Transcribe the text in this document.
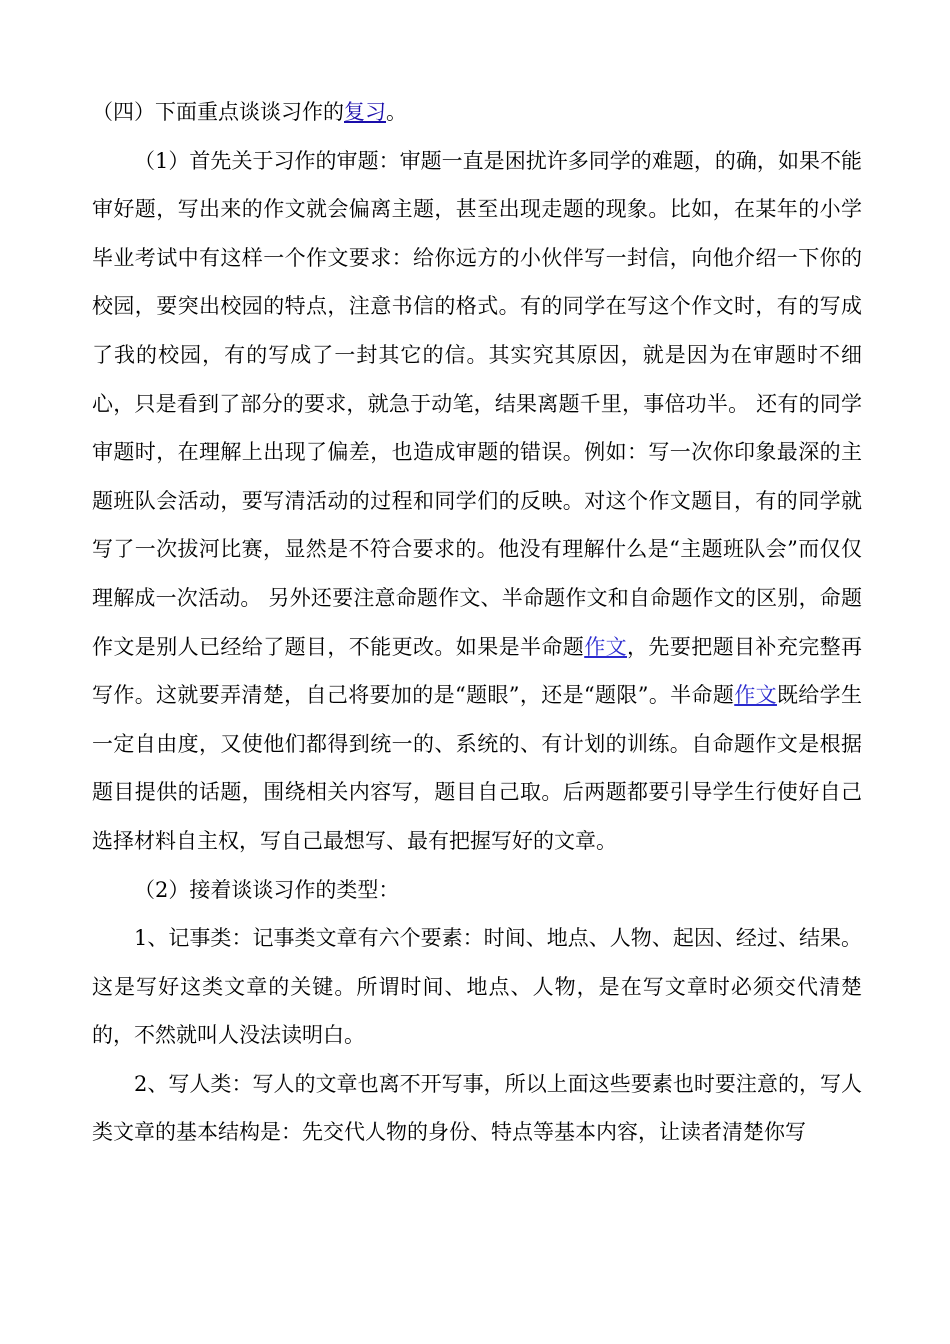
（四）下面重点谈谈习作的复习。

（1）首先关于习作的审题：审题一直是困扰许多同学的难题，的确，如果不能审好题，写出来的作文就会偏离主题，甚至出现走题的现象。比如，在某年的小学毕业考试中有这样一个作文要求：给你远方的小伙伴写一封信，向他介绍一下你的校园，要突出校园的特点，注意书信的格式。有的同学在写这个作文时，有的写成了我的校园，有的写成了一封其它的信。其实究其原因，就是因为在审题时不细心，只是看到了部分的要求，就急于动笔，结果离题千里，事倍功半。 还有的同学审题时，在理解上出现了偏差，也造成审题的错误。例如：写一次你印象最深的主题班队会活动，要写清活动的过程和同学们的反映。对这个作文题目，有的同学就写了一次拔河比赛，显然是不符合要求的。他没有理解什么是“主题班队会”而仅仅理解成一次活动。 另外还要注意命题作文、半命题作文和自命题作文的区别，命题作文是别人已经给了题目，不能更改。如果是半命题作文，先要把题目补充完整再写作。这就要弄清楚，自己将要加的是“题眼”，还是“题限”。半命题作文既给学生一定自由度，又使他们都得到统一的、系统的、有计划的训练。自命题作文是根据题目提供的话题，围绕相关内容写，题目自己取。后两题都要引导学生行使好自己选择材料自主权，写自己最想写、最有把握写好的文章。

（2）接着谈谈习作的类型：

1、记事类：记事类文章有六个要素：时间、地点、人物、起因、经过、结果。这是写好这类文章的关键。所谓时间、地点、人物，是在写文章时必须交代清楚的，不然就叫人没法读明白。

2、写人类：写人的文章也离不开写事，所以上面这些要素也时要注意的，写人类文章的基本结构是：先交代人物的身份、特点等基本内容，让读者清楚你写
